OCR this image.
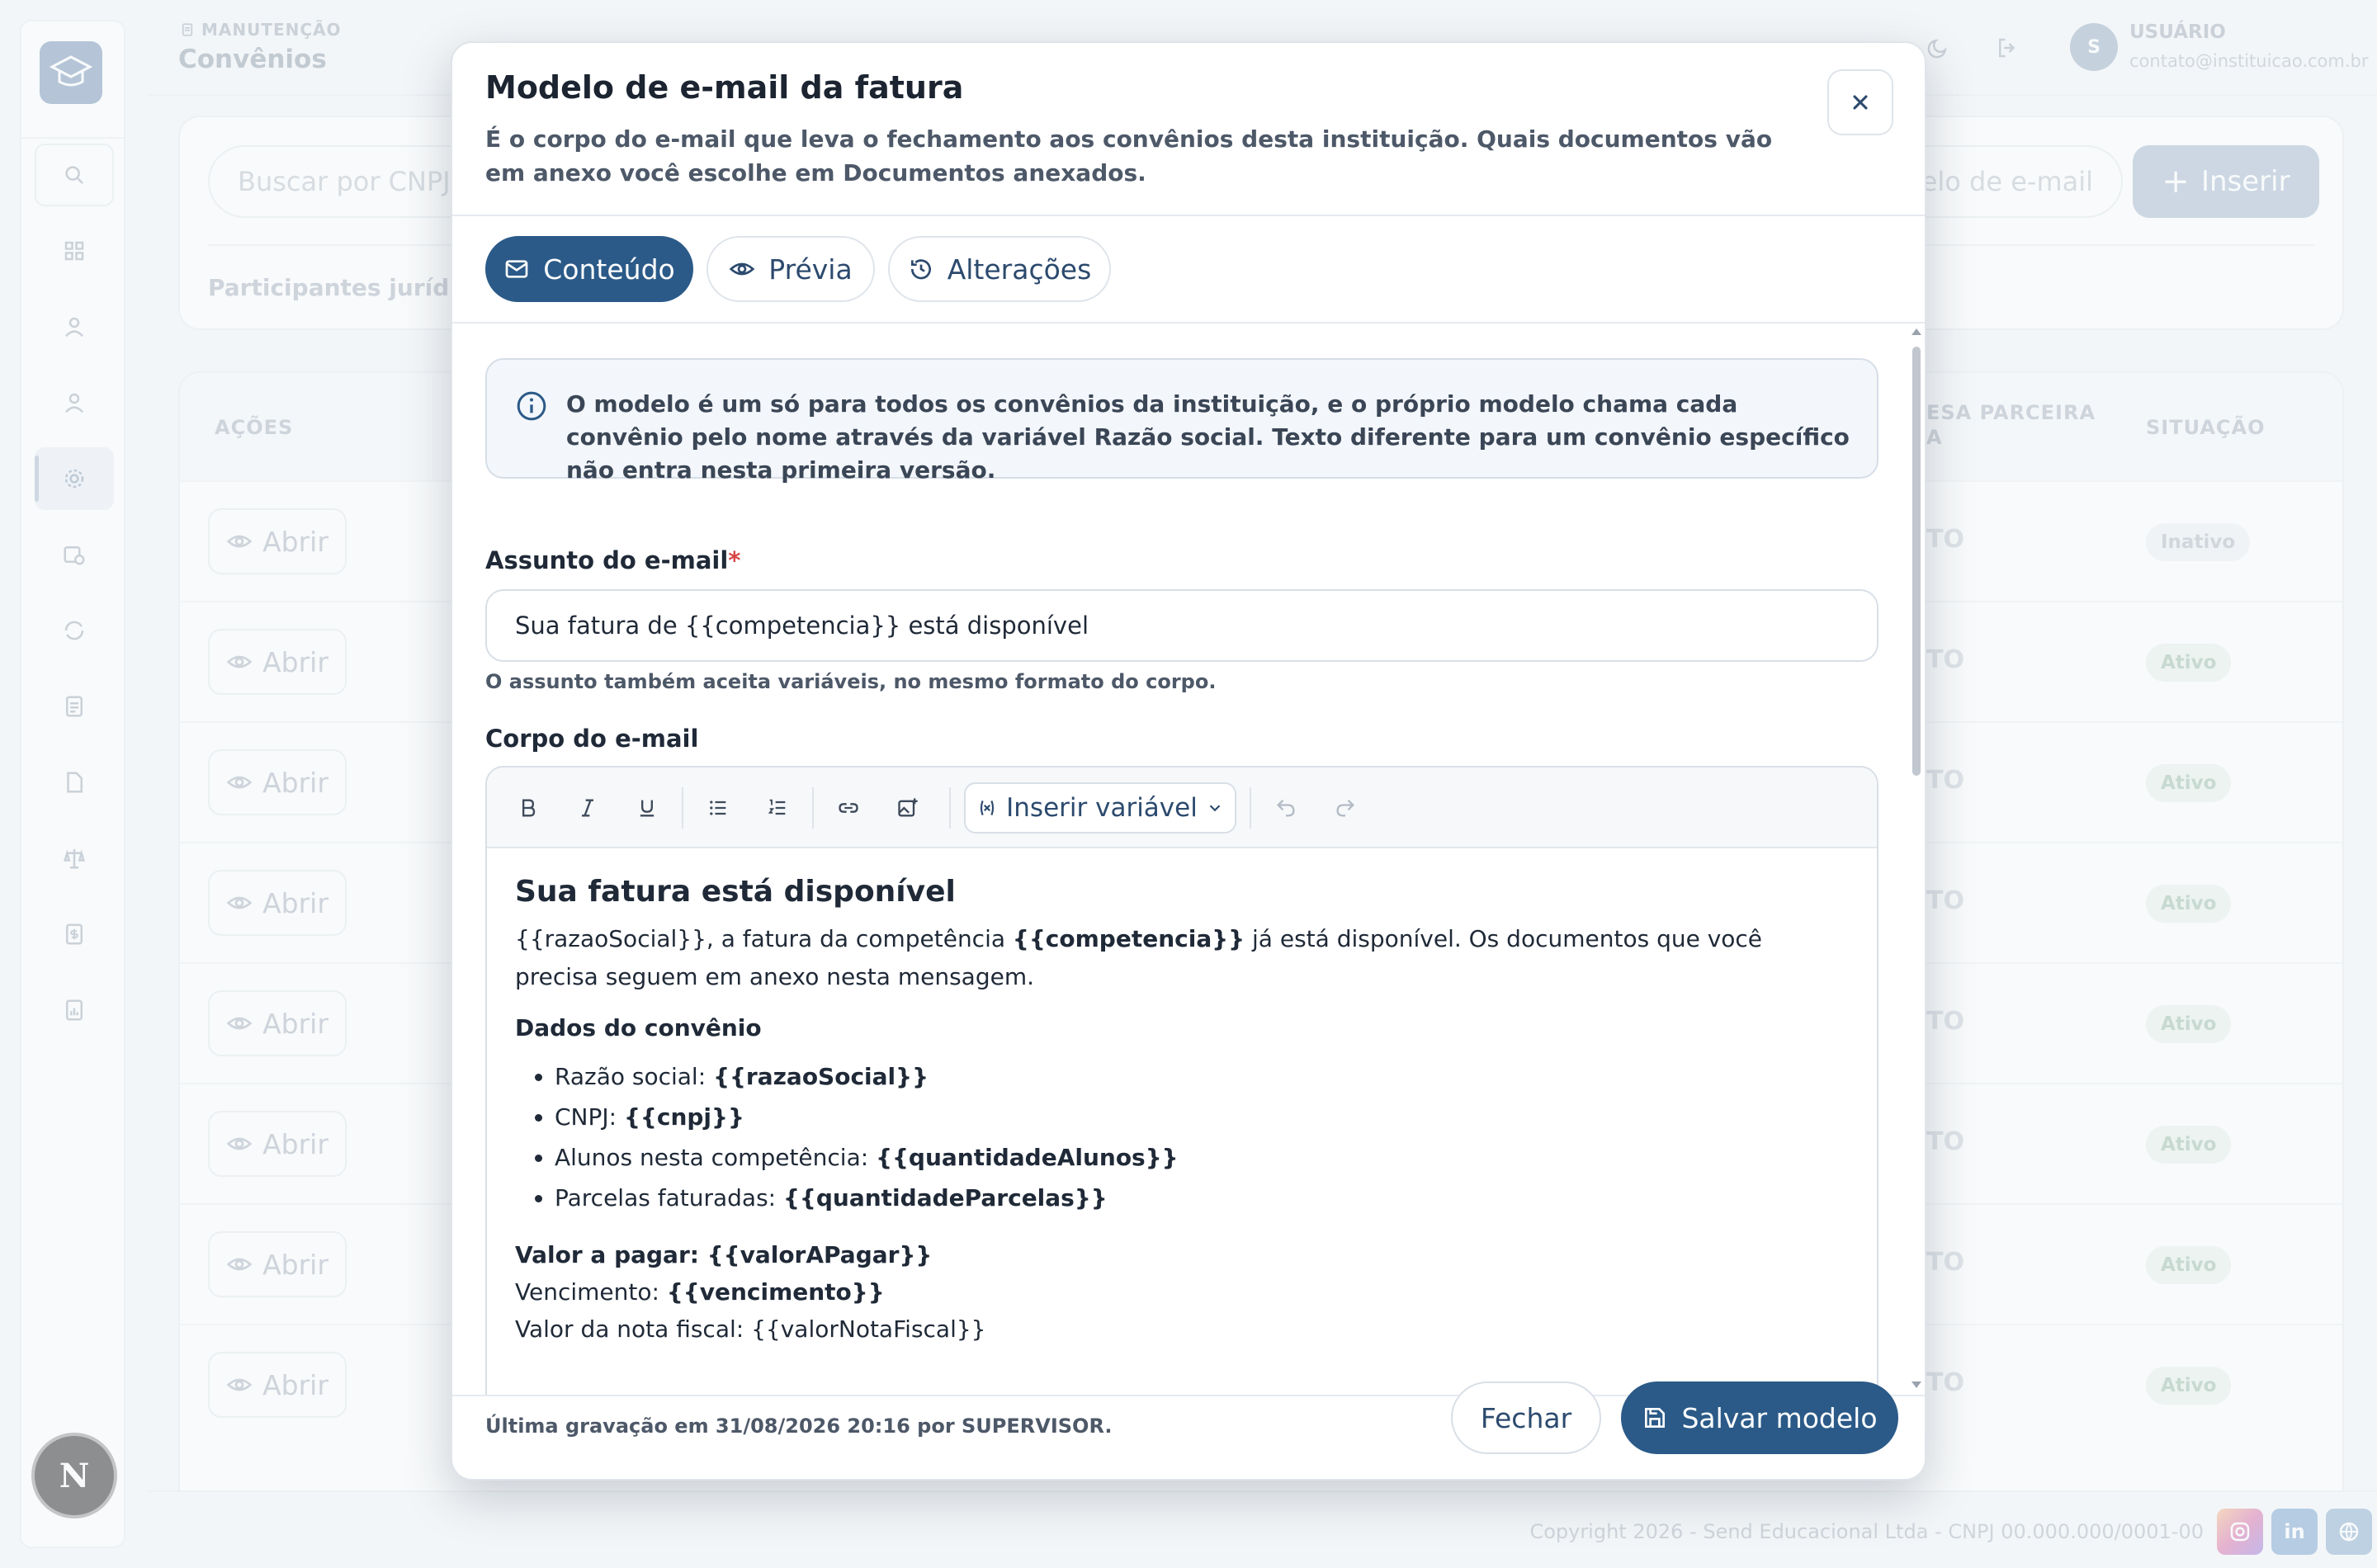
Modelo de e-mail da fatura
É o corpo do e-mail que leva o fechamento aos convênios desta instituição. Quais documentos vão em anexo você escolhe em Documentos anexados.
Conteúdo	Prévia	Alterações
O modelo é um só para todos os convênios da instituição, e o próprio modelo chama cada convênio pelo nome através da variável Razão social. Texto diferente para um convênio específico não entra nesta primeira versão.
Assunto do e-mail*
Sua fatura de {{competencia}} está disponível
O assunto também aceita variáveis, no mesmo formato do corpo.
Corpo do e-mail
Inserir variável
Sua fatura está disponível
{{razaoSocial}}, a fatura da competência {{competencia}} já está disponível. Os documentos que você precisa seguem em anexo nesta mensagem.
Dados do convênio
• Razão social: {{razaoSocial}}
• CNPJ: {{cnpj}}
• Alunos nesta competência: {{quantidadeAlunos}}
• Parcelas faturadas: {{quantidadeParcelas}}
Valor a pagar: {{valorAPagar}}
Vencimento: {{vencimento}}
Valor da nota fiscal: {{valorNotaFiscal}}
Última gravação em 31/08/2026 20:16 por SUPERVISOR.	Fechar	Salvar modelo
